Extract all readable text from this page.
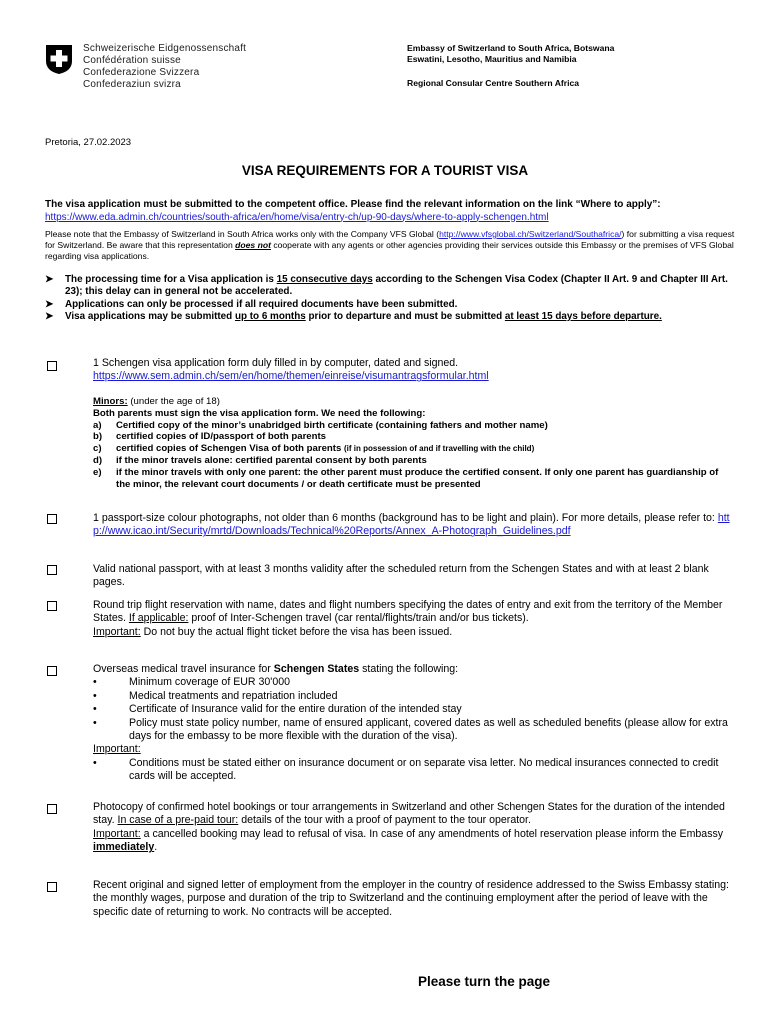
Schweizerische Eidgenossenschaft
Confédération suisse
Confederazione Svizzera
Confederaziun svizra
Embassy of Switzerland to South Africa, Botswana
Eswatini, Lesotho, Mauritius and Namibia
Regional Consular Centre Southern Africa
Pretoria, 27.02.2023
VISA REQUIREMENTS FOR A TOURIST VISA
The visa application must be submitted to the competent office. Please find the relevant information on the link “Where to apply”: https://www.eda.admin.ch/countries/south-africa/en/home/visa/entry-ch/up-90-days/where-to-apply-schengen.html
Please note that the Embassy of Switzerland in South Africa works only with the Company VFS Global (http://www.vfsglobal.ch/Switzerland/Southafrica/) for submitting a visa request for Switzerland. Be aware that this representation does not cooperate with any agents or other agencies providing their services outside this Embassy or the premises of VFS Global regarding visa applications.
➤	The processing time for a Visa application is 15 consecutive days according to the Schengen Visa Codex (Chapter II Art. 9 and Chapter III Art. 23); this delay can in general not be accelerated.
➤	Applications can only be processed if all required documents have been submitted.
➤	Visa applications may be submitted up to 6 months prior to departure and must be submitted at least 15 days before departure.
1 Schengen visa application form duly filled in by computer, dated and signed.
https://www.sem.admin.ch/sem/en/home/themen/einreise/visumantragsformular.html
Minors: (under the age of 18)
Both parents must sign the visa application form. We need the following:
a)	Certified copy of the minor’s unabridged birth certificate (containing fathers and mother name)
b)	certified copies of ID/passport of both parents
c)	certified copies of Schengen Visa of both parents (if in possession of and if travelling with the child)
d)	if the minor travels alone: certified parental consent by both parents
e)	if the minor travels with only one parent: the other parent must produce the certified consent. If only one parent has guardianship of the minor, the relevant court documents / or death certificate must be presented
1 passport-size colour photographs, not older than 6 months (background has to be light and plain). For more details, please refer to: http://www.icao.int/Security/mrtd/Downloads/Technical%20Reports/Annex_A-Photograph_Guidelines.pdf
Valid national passport, with at least 3 months validity after the scheduled return from the Schengen States and with at least 2 blank pages.
Round trip flight reservation with name, dates and flight numbers specifying the dates of entry and exit from the territory of the Member States. If applicable: proof of Inter-Schengen travel (car rental/flights/train and/or bus tickets).
Important: Do not buy the actual flight ticket before the visa has been issued.
Overseas medical travel insurance for Schengen States stating the following:
•	Minimum coverage of EUR 30'000
•	Medical treatments and repatriation included
•	Certificate of Insurance valid for the entire duration of the intended stay
•	Policy must state policy number, name of ensured applicant, covered dates as well as scheduled benefits (please allow for extra days for the embassy to be more flexible with the duration of the visa).
Important:
•	Conditions must be stated either on insurance document or on separate visa letter. No medical insurances connected to credit cards will be accepted.
Photocopy of confirmed hotel bookings or tour arrangements in Switzerland and other Schengen States for the duration of the intended stay. In case of a pre-paid tour: details of the tour with a proof of payment to the tour operator.
Important: a cancelled booking may lead to refusal of visa. In case of any amendments of hotel reservation please inform the Embassy immediately.
Recent original and signed letter of employment from the employer in the country of residence addressed to the Swiss Embassy stating: the monthly wages, purpose and duration of the trip to Switzerland and the continuing employment after the period of leave with the specific date of returning to work. No contracts will be accepted.
Please turn the page
